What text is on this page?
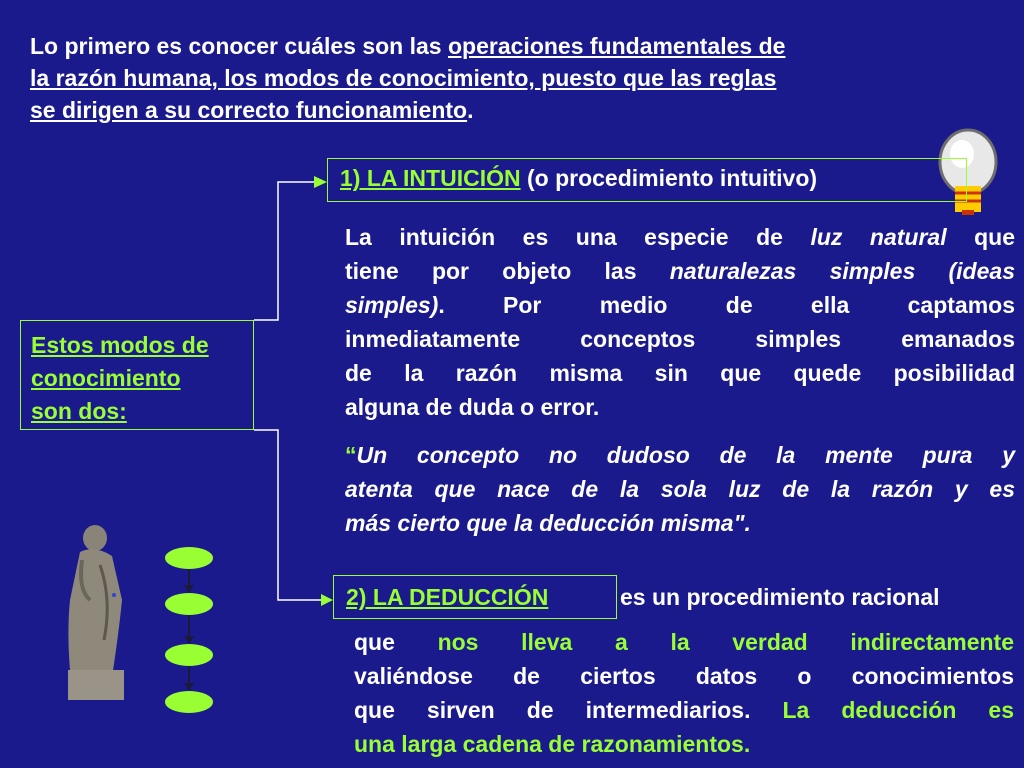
Lo primero es conocer cuáles son las operaciones fundamentales de
la razón humana, los modos de conocimiento, puesto que las reglas
se dirigen a su correcto funcionamiento.
Estos modos de
conocimiento
son dos:
1) LA INTUICIÓN (o procedimiento intuitivo)
La intuición es una especie de luz natural que
tiene por objeto las naturalezas simples (ideas
simples). Por medio de ella captamos
inmediatamente conceptos simples emanados
de la razón misma sin que quede posibilidad
alguna de duda o error.
“Un concepto no dudoso de la mente pura y
atenta que nace de la sola luz de la razón y es
más cierto que la deducción misma".
2) LA DEDUCCIÓN	es un procedimiento racional
que nos lleva a la verdad indirectamente
valiéndose de ciertos datos o conocimientos
que sirven de intermediarios. La deducción es
una larga cadena de razonamientos.
